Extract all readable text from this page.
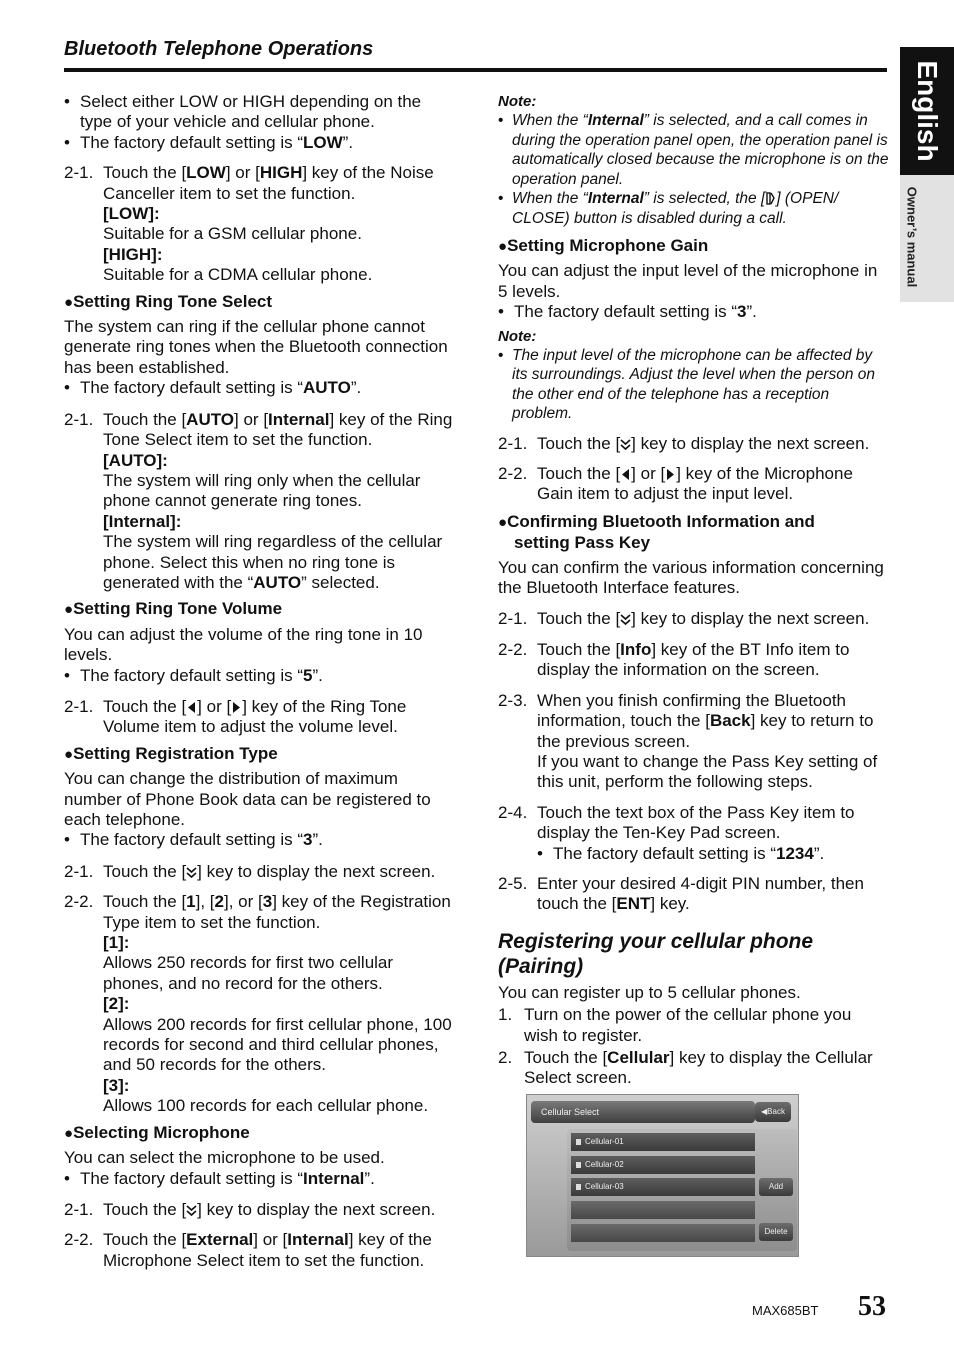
Bluetooth Telephone Operations
English
Owner’s manual

• Select either LOW or HIGH depending on the type of your vehicle and cellular phone.

• The factory default setting is “LOW”.

2-1. Touch the [LOW] or [HIGH] key of the Noise Canceller item to set the function.
[LOW]:
Suitable for a GSM cellular phone.
[HIGH]:
Suitable for a CDMA cellular phone.

●Setting Ring Tone Select

The system can ring if the cellular phone cannot generate ring tones when the Bluetooth connection has been established.

• The factory default setting is “AUTO”.

2-1. Touch the [AUTO] or [Internal] key of the Ring Tone Select item to set the function.
[AUTO]:
The system will ring only when the cellular phone cannot generate ring tones.
[Internal]:
The system will ring regardless of the cellular phone. Select this when no ring tone is generated with the “AUTO” selected.

●Setting Ring Tone Volume

You can adjust the volume of the ring tone in 10 levels.

• The factory default setting is “5”.

2-1. Touch the [ ] or [ ] key of the Ring Tone Volume item to adjust the volume level.

●Setting Registration Type

You can change the distribution of maximum number of Phone Book data can be registered to each telephone.

• The factory default setting is “3”.

2-1. Touch the [ ] key to display the next screen.
2-2. Touch the [1], [2], or [3] key of the Registration Type item to set the function.
[1]:
Allows 250 records for first two cellular phones, and no record for the others.
[2]:
Allows 200 records for first cellular phone, 100 records for second and third cellular phones, and 50 records for the others.
[3]:
Allows 100 records for each cellular phone.

●Selecting Microphone

You can select the microphone to be used.

• The factory default setting is “Internal”.

2-1. Touch the [ ] key to display the next screen.
2-2. Touch the [External] or [Internal] key of the Microphone Select item to set the function.

Note:

• When the “Internal” is selected, and a call comes in during the operation panel open, the operation panel is automatically closed because the microphone is on the operation panel.

• When the “Internal” is selected, the [ ] (OPEN/ CLOSE) button is disabled during a call.

●Setting Microphone Gain

You can adjust the input level of the microphone in 5 levels.

• The factory default setting is “3”.

Note:

• The input level of the microphone can be affected by its surroundings. Adjust the level when the person on the other end of the telephone has a reception problem.

2-1. Touch the [ ] key to display the next screen.
2-2. Touch the [ ] or [ ] key of the Microphone Gain item to adjust the input level.

●Confirming Bluetooth Information and
setting Pass Key

You can confirm the various information concerning the Bluetooth Interface features.

2-1. Touch the [ ] key to display the next screen.
2-2. Touch the [Info] key of the BT Info item to display the information on the screen.
2-3. When you finish confirming the Bluetooth information, touch the [Back] key to return to the previous screen.
If you want to change the Pass Key setting of this unit, perform the following steps.
2-4. Touch the text box of the Pass Key item to display the Ten-Key Pad screen.
• The factory default setting is “1234”.
2-5. Enter your desired 4-digit PIN number, then touch the [ENT] key.

Registering your cellular phone
(Pairing)

You can register up to 5 cellular phones.

1. Turn on the power of the cellular phone you wish to register.
2. Touch the [Cellular] key to display the Cellular Select screen.
Cellular Select	◀Back
Cellular-01
Cellular-02
Cellular-03	Add
Delete
MAX685BT 53
